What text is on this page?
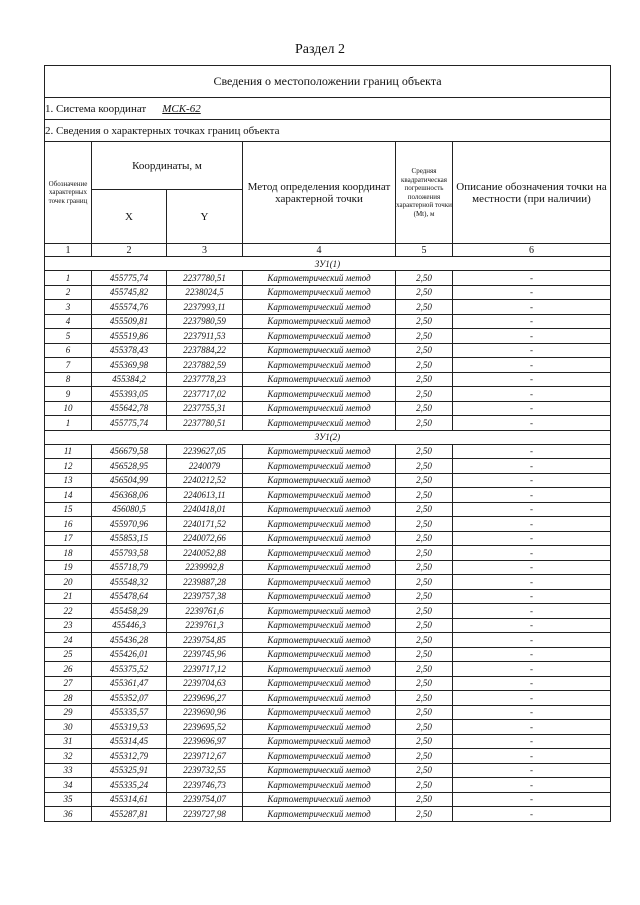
Раздел 2
Сведения о местоположении границ объекта					
1. Система координат МСК-62					
2. Сведения о характерных точках границ объекта					
Обозначение характерных точек границ	Координаты, м		Метод определения координат характерной точки	Средняя квадратическая погрешность положения характерной точки (Mt), м	Описание обозначения точки на местности (при наличии)
	X	Y			
1	2	3	4	5	6
ЗУ1(1)					
1	455775,74	2237780,51	Картометрический метод	2,50	-
2	455745,82	2238024,5	Картометрический метод	2,50	-
3	455574,76	2237993,11	Картометрический метод	2,50	-
4	455509,81	2237980,59	Картометрический метод	2,50	-
5	455519,86	2237911,53	Картометрический метод	2,50	-
6	455378,43	2237884,22	Картометрический метод	2,50	-
7	455369,98	2237882,59	Картометрический метод	2,50	-
8	455384,2	2237778,23	Картометрический метод	2,50	-
9	455393,05	2237717,02	Картометрический метод	2,50	-
10	455642,78	2237755,31	Картометрический метод	2,50	-
1	455775,74	2237780,51	Картометрический метод	2,50	-
ЗУ1(2)					
11	456679,58	2239627,05	Картометрический метод	2,50	-
12	456528,95	2240079	Картометрический метод	2,50	-
13	456504,99	2240212,52	Картометрический метод	2,50	-
14	456368,06	2240613,11	Картометрический метод	2,50	-
15	456080,5	2240418,01	Картометрический метод	2,50	-
16	455970,96	2240171,52	Картометрический метод	2,50	-
17	455853,15	2240072,66	Картометрический метод	2,50	-
18	455793,58	2240052,88	Картометрический метод	2,50	-
19	455718,79	2239992,8	Картометрический метод	2,50	-
20	455548,32	2239887,28	Картометрический метод	2,50	-
21	455478,64	2239757,38	Картометрический метод	2,50	-
22	455458,29	2239761,6	Картометрический метод	2,50	-
23	455446,3	2239761,3	Картометрический метод	2,50	-
24	455436,28	2239754,85	Картометрический метод	2,50	-
25	455426,01	2239745,96	Картометрический метод	2,50	-
26	455375,52	2239717,12	Картометрический метод	2,50	-
27	455361,47	2239704,63	Картометрический метод	2,50	-
28	455352,07	2239696,27	Картометрический метод	2,50	-
29	455335,57	2239690,96	Картометрический метод	2,50	-
30	455319,53	2239695,52	Картометрический метод	2,50	-
31	455314,45	2239696,97	Картометрический метод	2,50	-
32	455312,79	2239712,67	Картометрический метод	2,50	-
33	455325,91	2239732,55	Картометрический метод	2,50	-
34	455335,24	2239746,73	Картометрический метод	2,50	-
35	455314,61	2239754,07	Картометрический метод	2,50	-
36	455287,81	2239727,98	Картометрический метод	2,50	-
